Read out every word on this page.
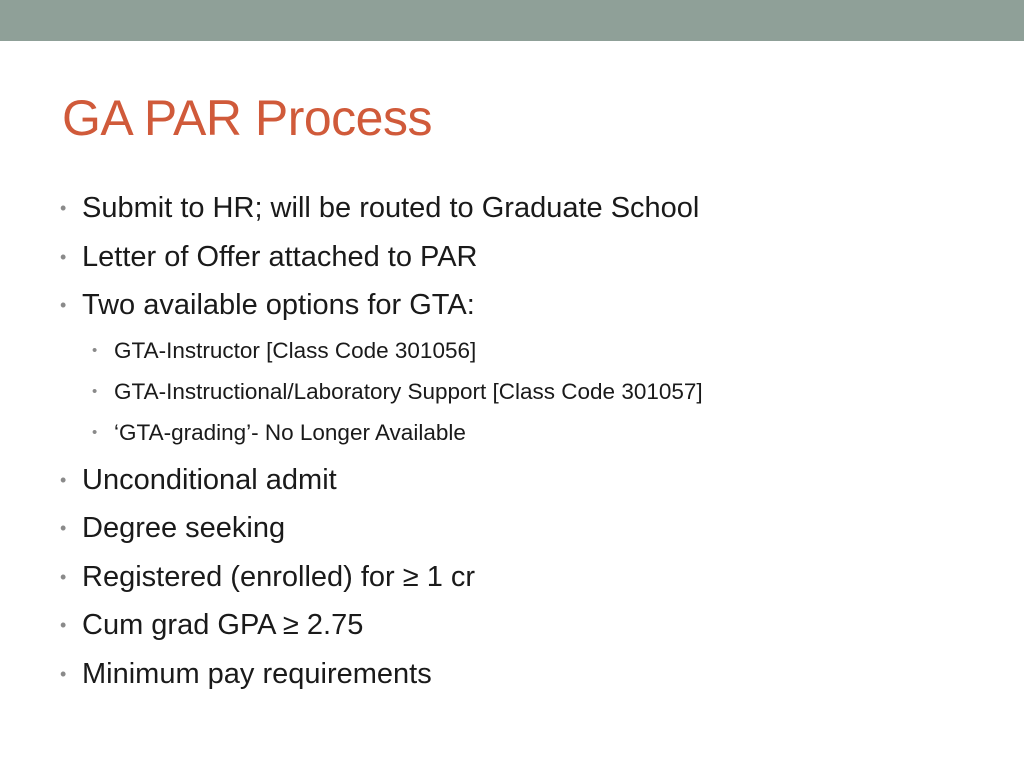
GA PAR Process
• Submit to HR; will be routed to Graduate School
• Letter of Offer attached to PAR
• Two available options for GTA:
• GTA-Instructor [Class Code 301056]
• GTA-Instructional/Laboratory Support [Class Code 301057]
• ‘GTA-grading’- No Longer Available
• Unconditional admit
• Degree seeking
• Registered (enrolled) for ≥ 1 cr
• Cum grad GPA ≥ 2.75
• Minimum pay requirements
